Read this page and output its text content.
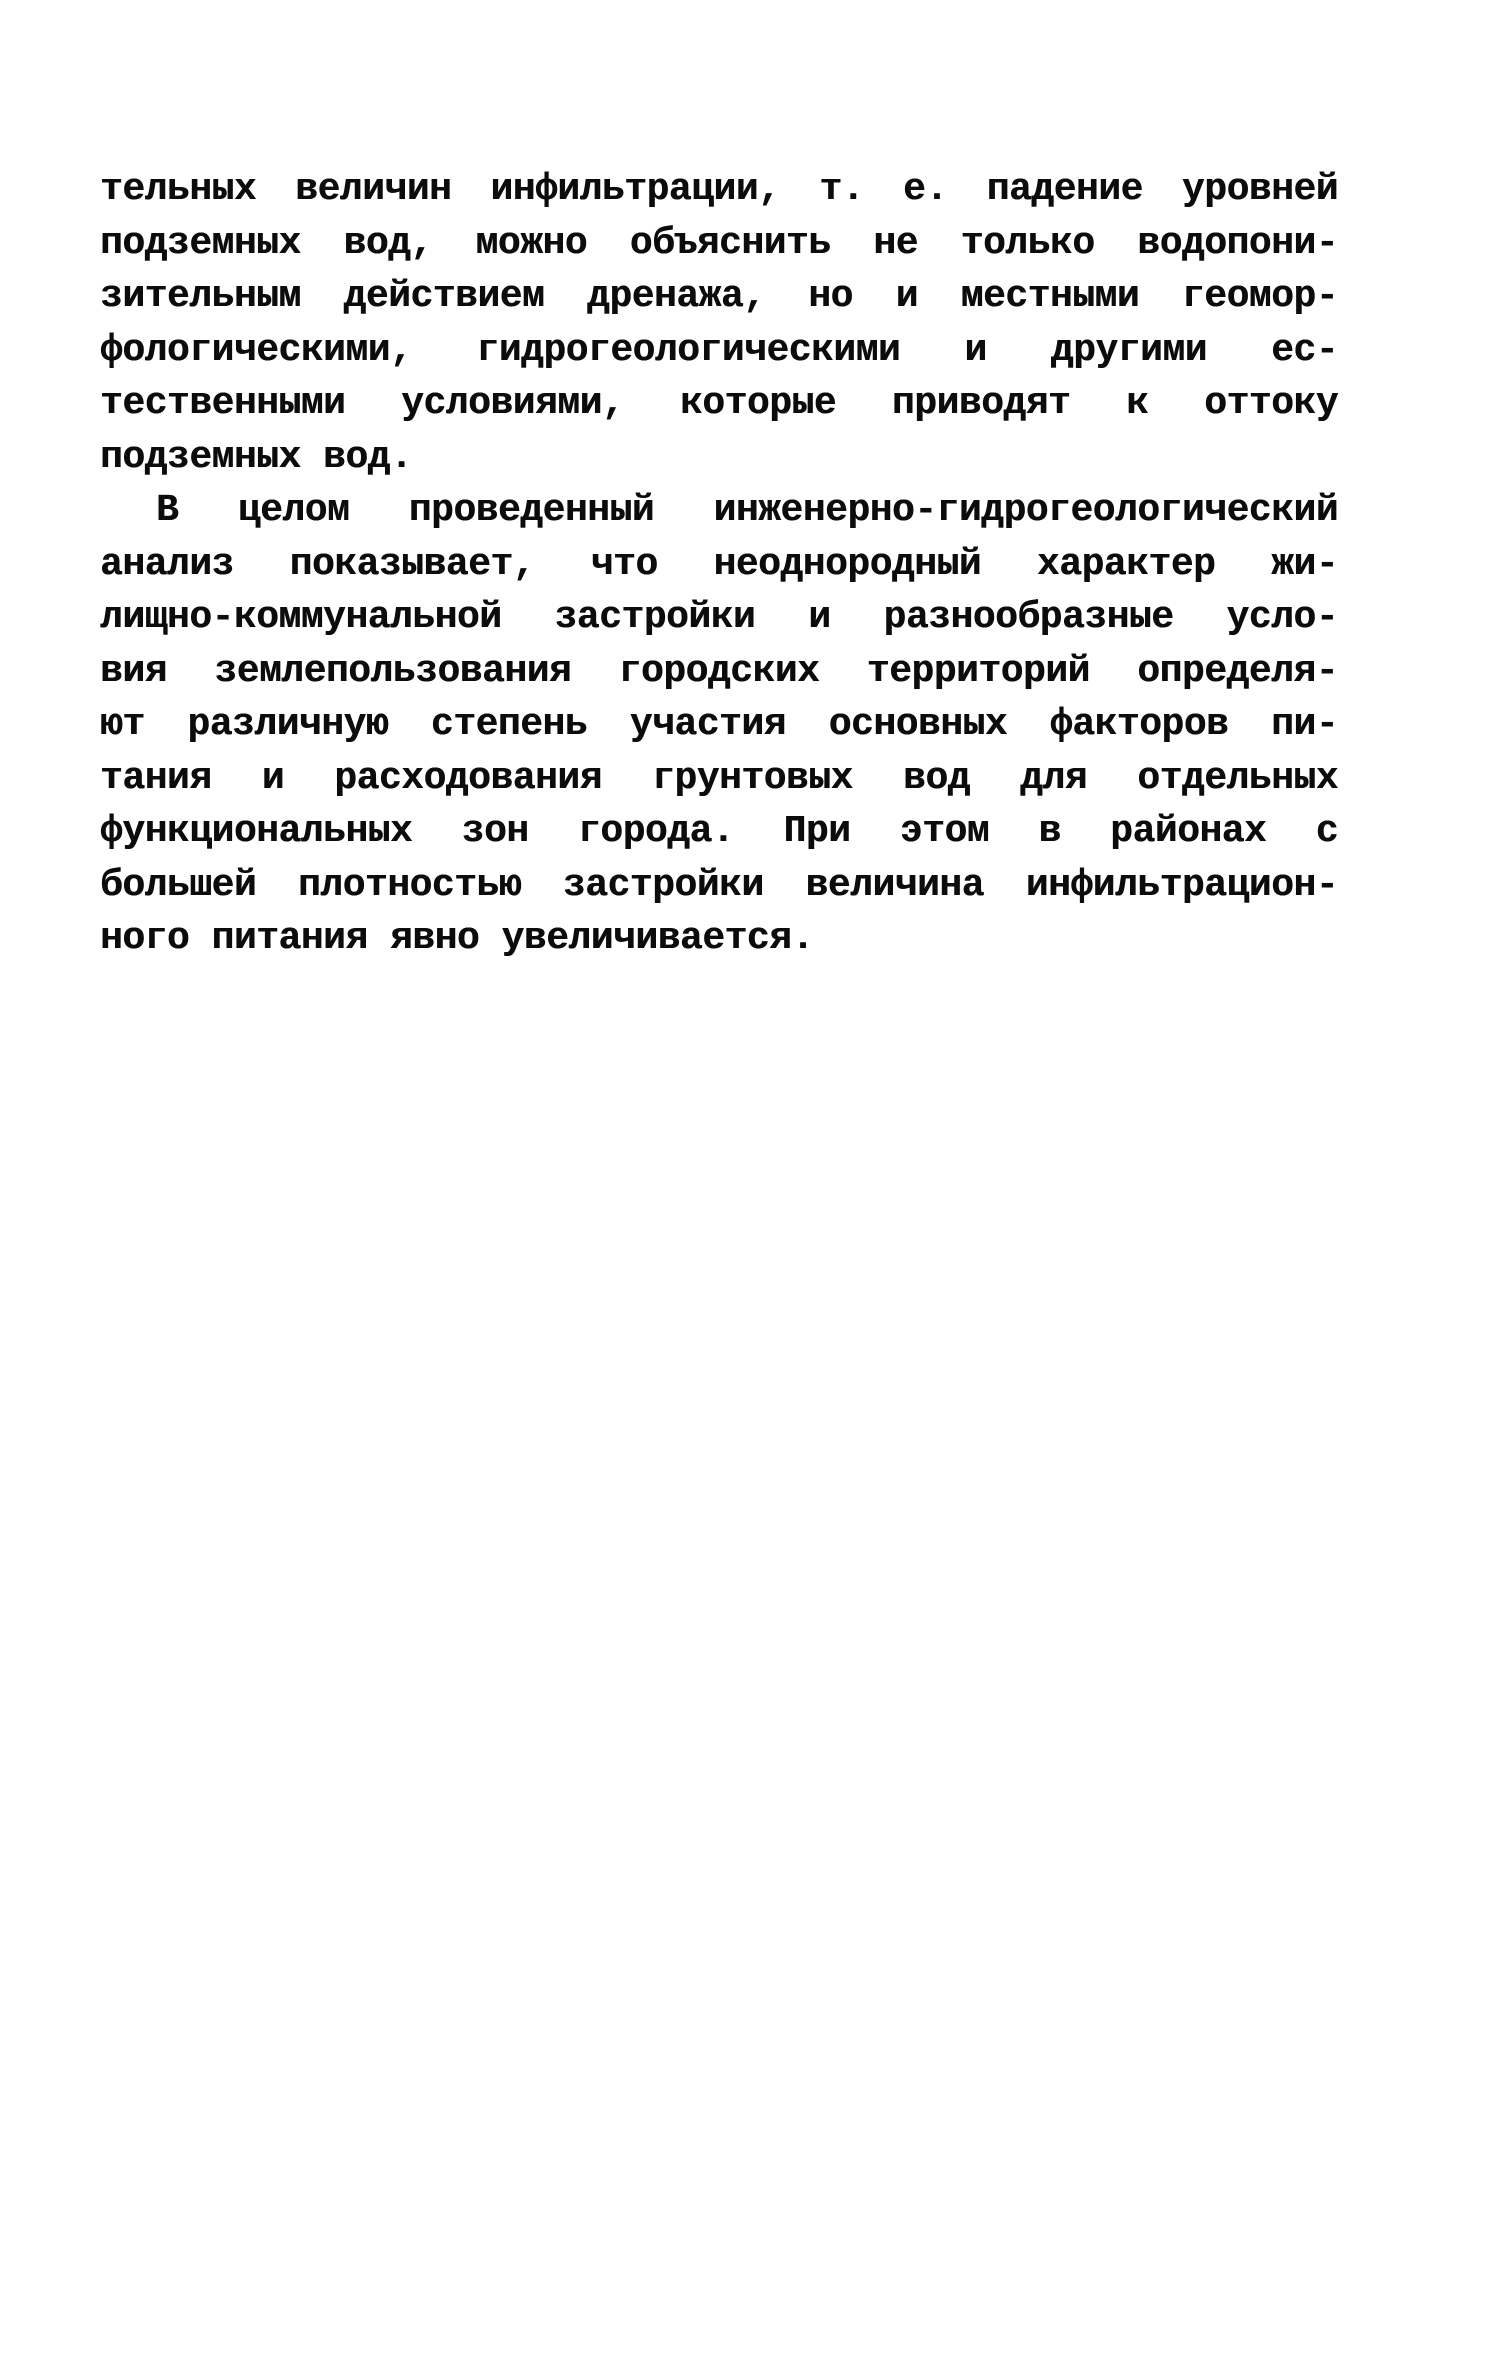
тельных величин инфильтрации, т. е. падение уровней

подземных вод, можно объяснить не только водопони-

зительным действием дренажа, но и местными геомор-

фологическими, гидрогеологическими и другими ес-

тественными условиями, которые приводят к оттоку

подземных вод.

В целом проведенный инженерно-гидрогеологический

анализ показывает, что неоднородный характер жи-

лищно-коммунальной застройки и разнообразные усло-

вия землепользования городских территорий определя-

ют различную степень участия основных факторов пи-

тания и расходования грунтовых вод для отдельных

функциональных зон города. При этом в районах с

большей плотностью застройки величина инфильтрацион-

ного питания явно увеличивается.
